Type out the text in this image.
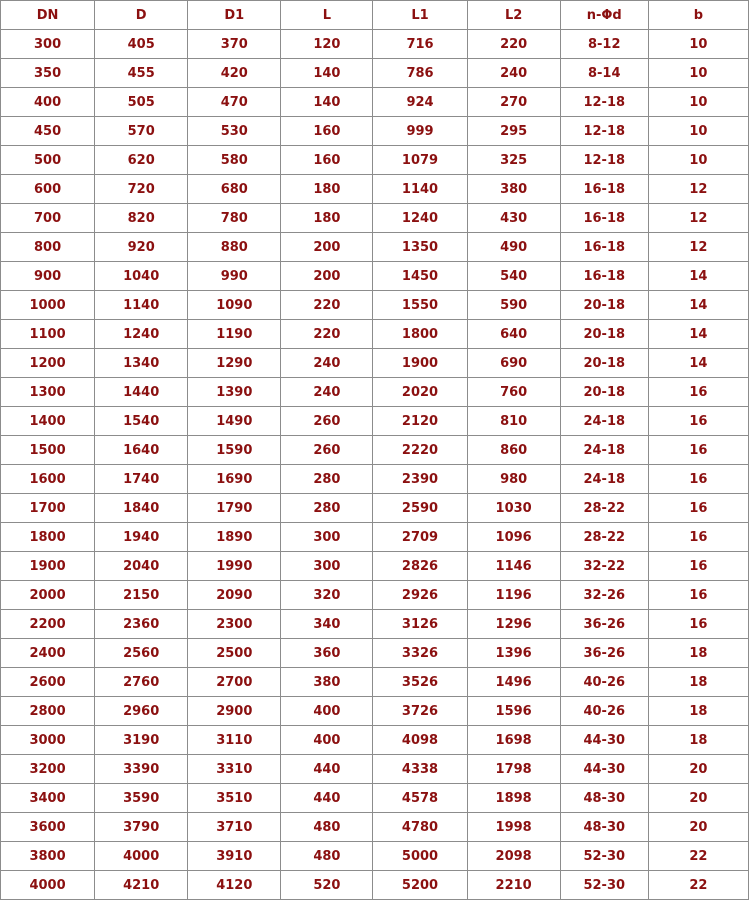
DN	D	D1	L	L1	L2	n-Φd	b
300	405	370	120	716	220	8-12	10
350	455	420	140	786	240	8-14	10
400	505	470	140	924	270	12-18	10
450	570	530	160	999	295	12-18	10
500	620	580	160	1079	325	12-18	10
600	720	680	180	1140	380	16-18	12
700	820	780	180	1240	430	16-18	12
800	920	880	200	1350	490	16-18	12
900	1040	990	200	1450	540	16-18	14
1000	1140	1090	220	1550	590	20-18	14
1100	1240	1190	220	1800	640	20-18	14
1200	1340	1290	240	1900	690	20-18	14
1300	1440	1390	240	2020	760	20-18	16
1400	1540	1490	260	2120	810	24-18	16
1500	1640	1590	260	2220	860	24-18	16
1600	1740	1690	280	2390	980	24-18	16
1700	1840	1790	280	2590	1030	28-22	16
1800	1940	1890	300	2709	1096	28-22	16
1900	2040	1990	300	2826	1146	32-22	16
2000	2150	2090	320	2926	1196	32-26	16
2200	2360	2300	340	3126	1296	36-26	16
2400	2560	2500	360	3326	1396	36-26	18
2600	2760	2700	380	3526	1496	40-26	18
2800	2960	2900	400	3726	1596	40-26	18
3000	3190	3110	400	4098	1698	44-30	18
3200	3390	3310	440	4338	1798	44-30	20
3400	3590	3510	440	4578	1898	48-30	20
3600	3790	3710	480	4780	1998	48-30	20
3800	4000	3910	480	5000	2098	52-30	22
4000	4210	4120	520	5200	2210	52-30	22
